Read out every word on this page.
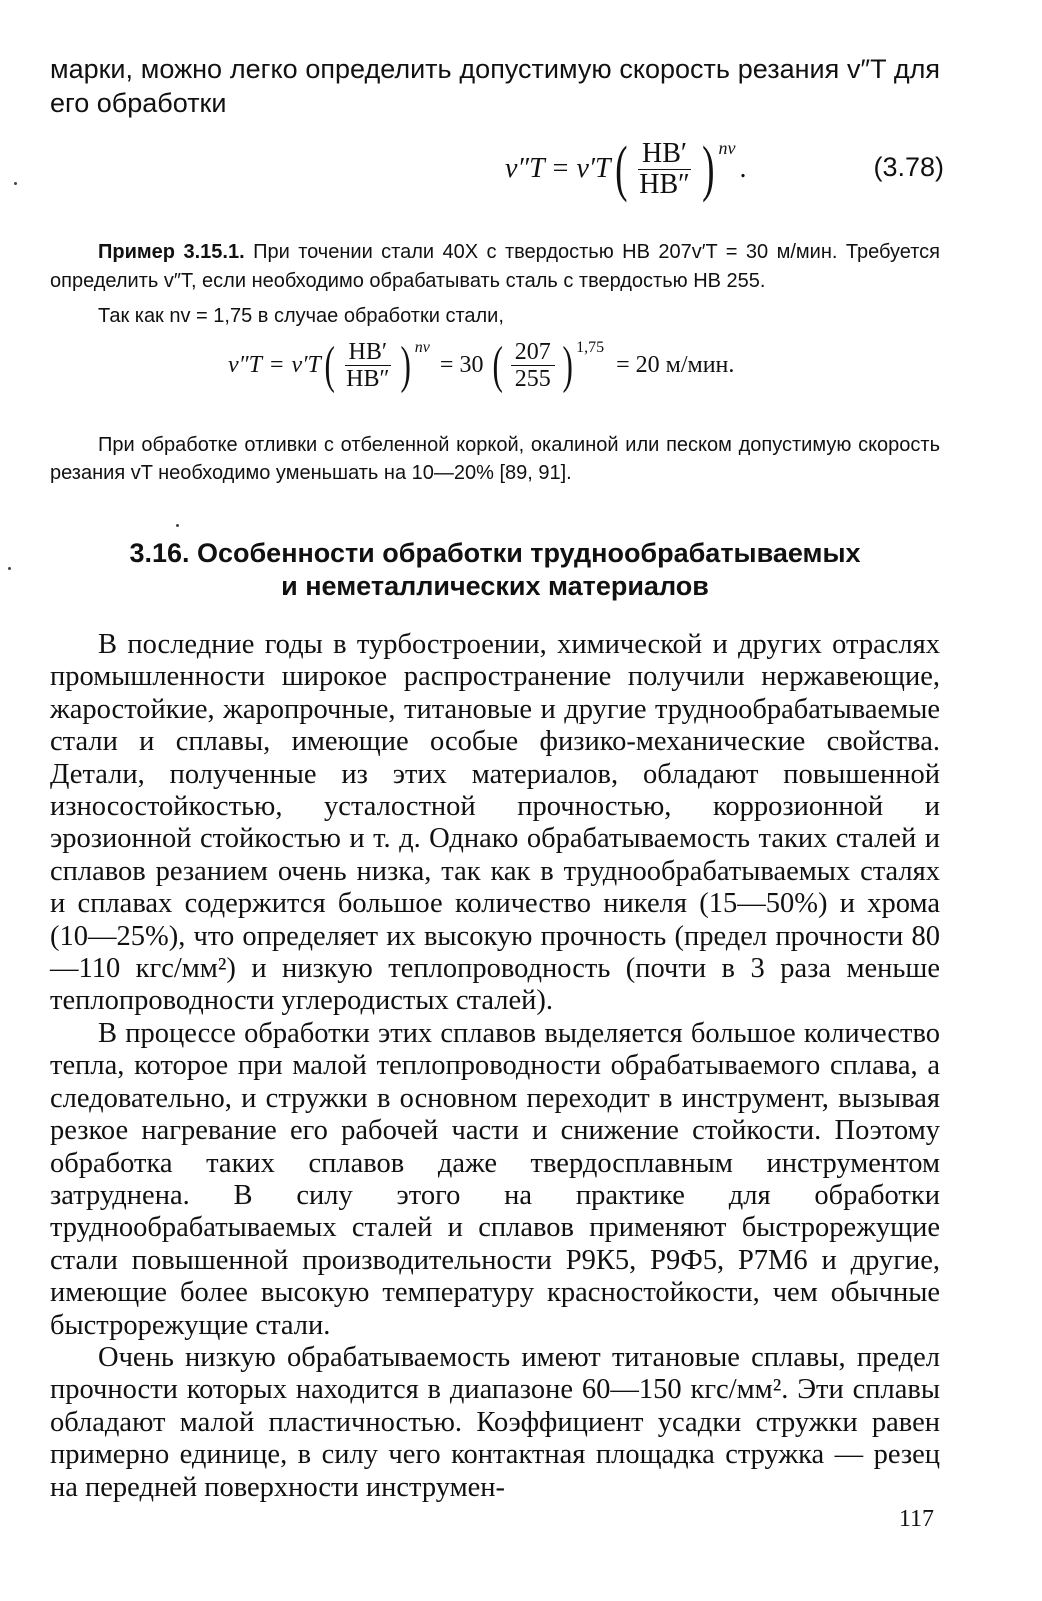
марки, можно легко определить допустимую скорость резания v″T для его обработки

v″T = v′T ( $\frac{HB'}{HB''} )^{nv}$
.	(3.78)

Пример 3.15.1. При точении стали 40Х с твердостью НВ 207v′T = 30 м/мин. Требуется определить v″T, если необходимо обрабатывать сталь с твердостью НВ 255.

Так как nv = 1,75 в случае обработки стали,

v″T = v′T ( $\frac{HB'}{HB''} )^{nv}$
= 30 ( $\frac{207}{255} )^{1,75}$
= 20 м/мин.

При обработке отливки с отбеленной коркой, окалиной или песком допустимую скорость резания vT необходимо уменьшать на 10—20% [89, 91].

3.16. Особенности обработки труднообрабатываемых
и неметаллических материалов

В последние годы в турбостроении, химической и других отраслях промышленности широкое распространение получили нержавеющие, жаростойкие, жаропрочные, титановые и другие труднообрабатываемые стали и сплавы, имеющие особые физико-механические свойства. Детали, полученные из этих материалов, обладают повышенной износостойкостью, усталостной прочностью, коррозионной и эрозионной стойкостью и т. д. Однако обрабатываемость таких сталей и сплавов резанием очень низка, так как в труднообрабатываемых сталях и сплавах содержится большое количество никеля (15—50%) и хрома (10—25%), что определяет их высокую прочность (предел прочности 80—110 кгс/мм²) и низкую теплопроводность (почти в 3 раза меньше теплопроводности углеродистых сталей).

В процессе обработки этих сплавов выделяется большое количество тепла, которое при малой теплопроводности обрабатываемого сплава, а следовательно, и стружки в основном переходит в инструмент, вызывая резкое нагревание его рабочей части и снижение стойкости. Поэтому обработка таких сплавов даже твердосплавным инструментом затруднена. В силу этого на практике для обработки труднообрабатываемых сталей и сплавов применяют быстрорежущие стали повышенной производительности Р9К5, Р9Ф5, Р7М6 и другие, имеющие более высокую температуру красностойкости, чем обычные быстрорежущие стали.

Очень низкую обрабатываемость имеют титановые сплавы, предел прочности которых находится в диапазоне 60—150 кгс/мм². Эти сплавы обладают малой пластичностью. Коэффициент усадки стружки равен примерно единице, в силу чего контактная площадка стружка — резец на передней поверхности инструмен-

117
